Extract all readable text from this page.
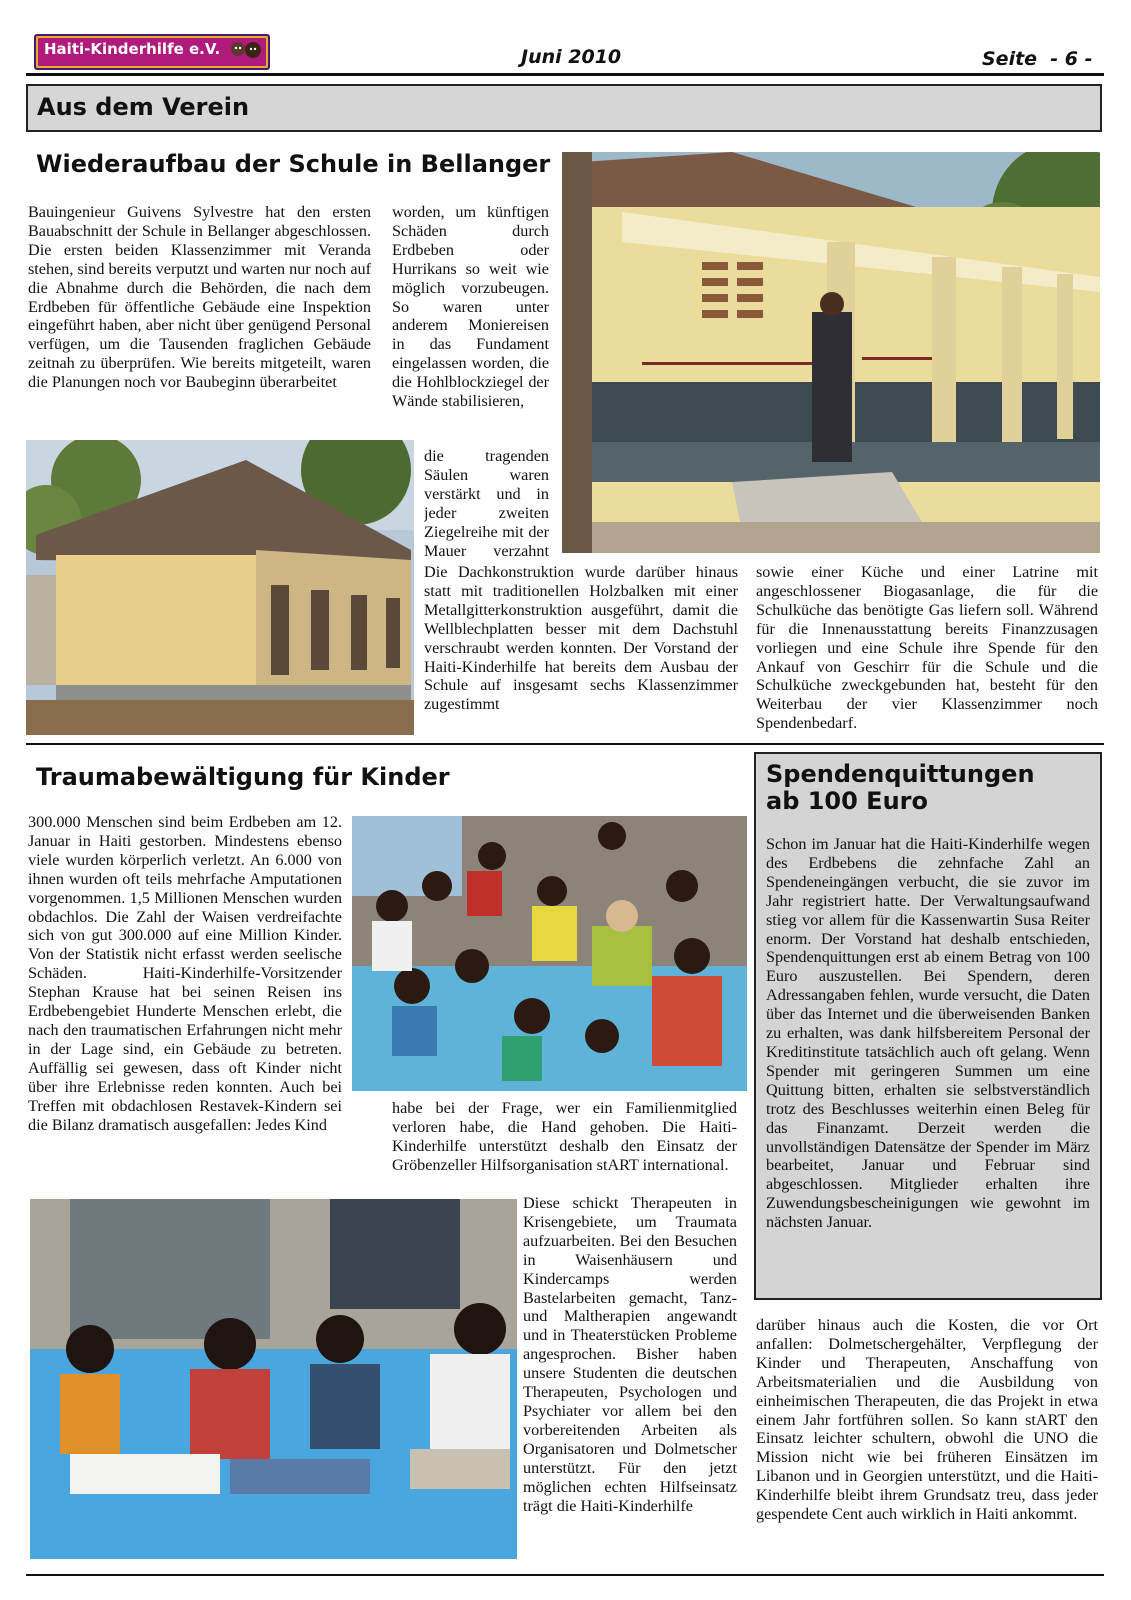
Haiti-Kinderhilfe e.V.	Juni 2010	Seite  - 6 -
Aus dem Verein
Wiederaufbau der Schule in Bellanger
Bauingenieur Guivens Sylvestre hat den ersten Bauabschnitt der Schule in Bellanger abgeschlossen. Die ersten beiden Klassenzimmer mit Veranda stehen, sind bereits verputzt und warten nur noch auf die Abnahme durch die Behörden, die nach dem Erdbeben für öffentliche Gebäude eine Inspektion eingeführt haben, aber nicht über genügend Personal verfügen, um die Tausenden fraglichen Gebäude zeitnah zu überprüfen. Wie bereits mitgeteilt, waren die Planungen noch vor Baubeginn überarbeitet
worden, um künftigen Schäden durch Erdbeben oder Hurrikans so weit wie möglich vorzubeugen. So waren unter anderem Moniereisen in das Fundament eingelassen worden, die die Hohlblockziegel der Wände stabilisieren,
die tragenden Säulen waren verstärkt und in jeder zweiten Ziegelreihe mit der Mauer verzahnt
Die Dachkonstruktion wurde darüber hinaus statt mit traditionellen Holzbalken mit einer Metallgitterkonstruktion ausgeführt, damit die Wellblechplatten besser mit dem Dachstuhl verschraubt werden konnten. Der Vorstand der Haiti-Kinderhilfe hat bereits dem Ausbau der Schule auf insgesamt sechs Klassenzimmer zugestimmt
sowie einer Küche und einer Latrine mit angeschlossener Biogasanlage, die für die Schulküche das benötigte Gas liefern soll. Während für die Innenausstattung bereits Finanzzusagen vorliegen und eine Schule ihre Spende für den Ankauf von Geschirr für die Schule und die Schulküche zweckgebunden hat, besteht für den Weiterbau der vier Klassenzimmer noch Spendenbedarf.
Traumabewältigung für Kinder
300.000 Menschen sind beim Erdbeben am 12. Januar in Haiti gestorben. Mindestens ebenso viele wurden körperlich verletzt. An 6.000 von ihnen wurden oft teils mehrfache Amputationen vorgenommen. 1,5 Millionen Menschen wurden obdachlos. Die Zahl der Waisen verdreifachte sich von gut 300.000 auf eine Million Kinder. Von der Statistik nicht erfasst werden seelische Schäden. Haiti-Kinderhilfe-Vorsitzender Stephan Krause hat bei seinen Reisen ins Erdbebengebiet Hunderte Menschen erlebt, die nach den traumatischen Erfahrungen nicht mehr in der Lage sind, ein Gebäude zu betreten. Auffällig sei gewesen, dass oft Kinder nicht über ihre Erlebnisse reden konnten. Auch bei Treffen mit obdachlosen Restavek-Kindern sei die Bilanz dramatisch ausgefallen: Jedes Kind
habe bei der Frage, wer ein Familienmitglied verloren habe, die Hand gehoben. Die Haiti-Kinderhilfe unterstützt deshalb den Einsatz der Gröbenzeller Hilfsorganisation stART international.
Diese schickt Therapeuten in Krisengebiete, um Traumata aufzuarbeiten. Bei den Besuchen in Waisenhäusern und Kindercamps werden Bastelarbeiten gemacht, Tanz- und Maltherapien angewandt und in Theaterstücken Probleme angesprochen. Bisher haben unsere Studenten die deutschen Therapeuten, Psychologen und Psychiater vor allem bei den vorbereitenden Arbeiten als Organisatoren und Dolmetscher unterstützt. Für den jetzt möglichen echten Hilfseinsatz trägt die Haiti-Kinderhilfe
darüber hinaus auch die Kosten, die vor Ort anfallen: Dolmetschergehälter, Verpflegung der Kinder und Therapeuten, Anschaffung von Arbeitsmaterialien und die Ausbildung von einheimischen Therapeuten, die das Projekt in etwa einem Jahr fortführen sollen. So kann stART den Einsatz leichter schultern, obwohl die UNO die Mission nicht wie bei früheren Einsätzen im Libanon und in Georgien unterstützt, und die Haiti-Kinderhilfe bleibt ihrem Grundsatz treu, dass jeder gespendete Cent auch wirklich in Haiti ankommt.
Spendenquittungen
ab 100 Euro
Schon im Januar hat die Haiti-Kinderhilfe wegen des Erdbebens die zehnfache Zahl an Spendeneingängen verbucht, die sie zuvor im Jahr registriert hatte. Der Verwaltungsaufwand stieg vor allem für die Kassenwartin Susa Reiter enorm. Der Vorstand hat deshalb entschieden, Spendenquittungen erst ab einem Betrag von 100 Euro auszustellen. Bei Spendern, deren Adressangaben fehlen, wurde versucht, die Daten über das Internet und die überweisenden Banken zu erhalten, was dank hilfsbereitem Personal der Kreditinstitute tatsächlich auch oft gelang. Wenn Spender mit geringeren Summen um eine Quittung bitten, erhalten sie selbstverständlich trotz des Beschlusses weiterhin einen Beleg für das Finanzamt. Derzeit werden die unvollständigen Datensätze der Spender im März bearbeitet, Januar und Februar sind abgeschlossen. Mitglieder erhalten ihre Zuwendungsbescheinigungen wie gewohnt im nächsten Januar.
